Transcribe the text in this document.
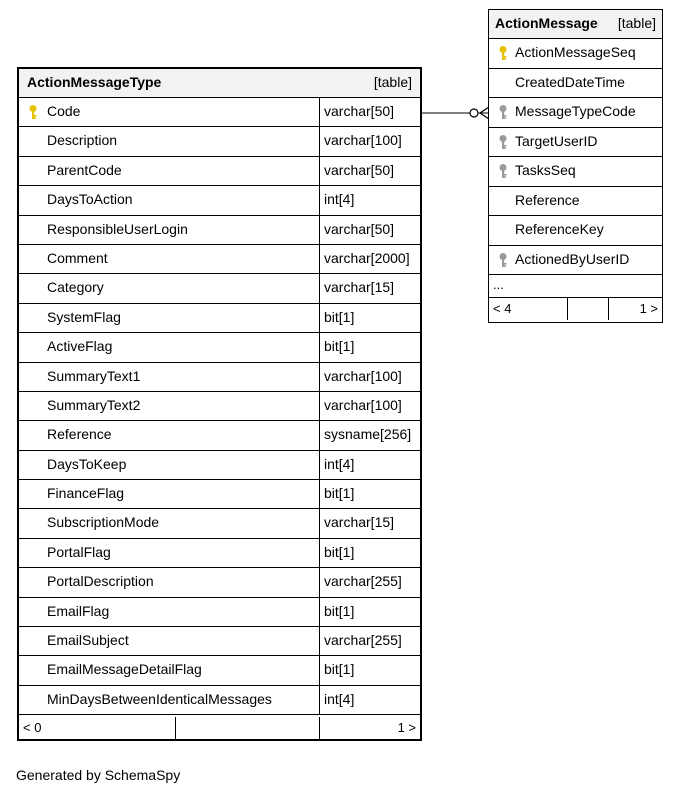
ActionMessageType	[table]
Code	varchar[50]
Description	varchar[100]
ParentCode	varchar[50]
DaysToAction	int[4]
ResponsibleUserLogin	varchar[50]
Comment	varchar[2000]
Category	varchar[15]
SystemFlag	bit[1]
ActiveFlag	bit[1]
SummaryText1	varchar[100]
SummaryText2	varchar[100]
Reference	sysname[256]
DaysToKeep	int[4]
FinanceFlag	bit[1]
SubscriptionMode	varchar[15]
PortalFlag	bit[1]
PortalDescription	varchar[255]
EmailFlag	bit[1]
EmailSubject	varchar[255]
EmailMessageDetailFlag	bit[1]
MinDaysBetweenIdenticalMessages	int[4]
< 0	1 >
ActionMessage [table]
ActionMessageSeq
CreatedDateTime
MessageTypeCode
TargetUserID
TasksSeq
Reference
ReferenceKey
ActionedByUserID
...
< 4	1 >
Generated by SchemaSpy
